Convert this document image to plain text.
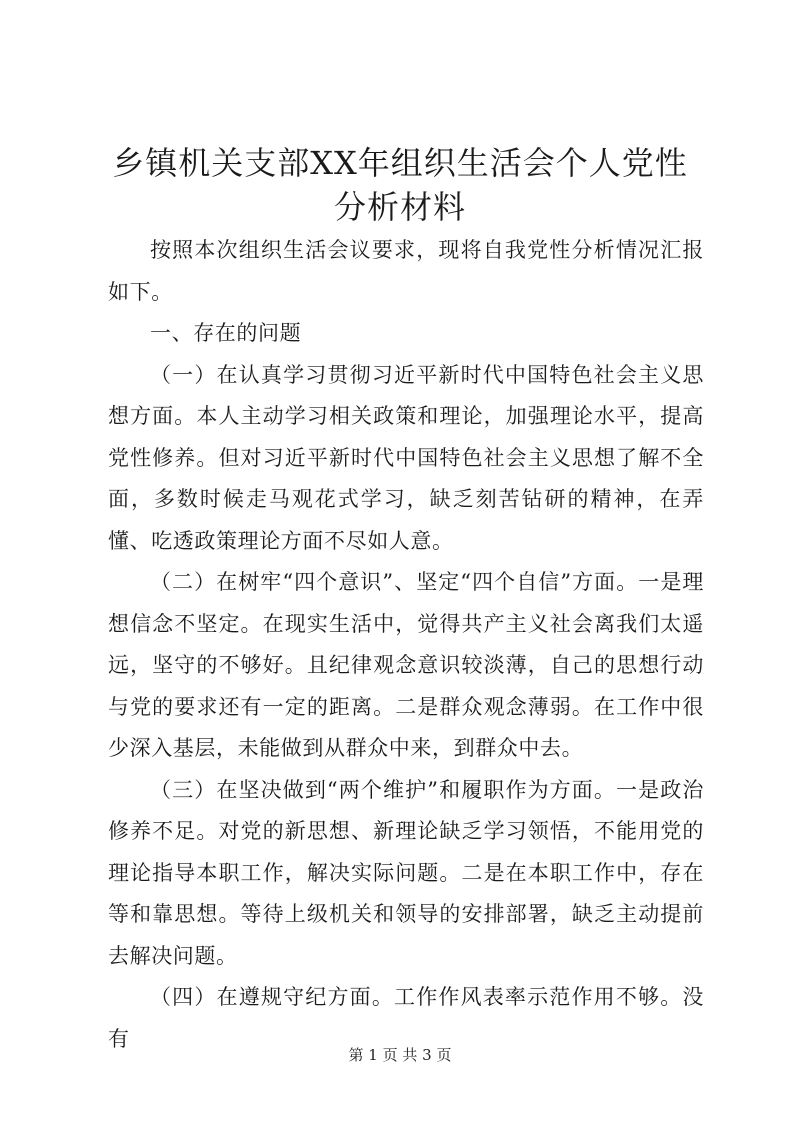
乡镇机关支部XX年组织生活会个人党性分析材料

按照本次组织生活会议要求，现将自我党性分析情况汇报如下。

一、存在的问题

（一）在认真学习贯彻习近平新时代中国特色社会主义思想方面。本人主动学习相关政策和理论，加强理论水平，提高党性修养。但对习近平新时代中国特色社会主义思想了解不全面，多数时候走马观花式学习，缺乏刻苦钻研的精神，在弄懂、吃透政策理论方面不尽如人意。

（二）在树牢“四个意识”、坚定“四个自信”方面。一是理想信念不坚定。在现实生活中，觉得共产主义社会离我们太遥远，坚守的不够好。且纪律观念意识较淡薄，自己的思想行动与党的要求还有一定的距离。二是群众观念薄弱。在工作中很少深入基层，未能做到从群众中来，到群众中去。

（三）在坚决做到“两个维护”和履职作为方面。一是政治修养不足。对党的新思想、新理论缺乏学习领悟，不能用党的理论指导本职工作，解决实际问题。二是在本职工作中，存在等和靠思想。等待上级机关和领导的安排部署，缺乏主动提前去解决问题。

（四）在遵规守纪方面。工作作风表率示范作用不够。没有

第 1 页 共 3 页
